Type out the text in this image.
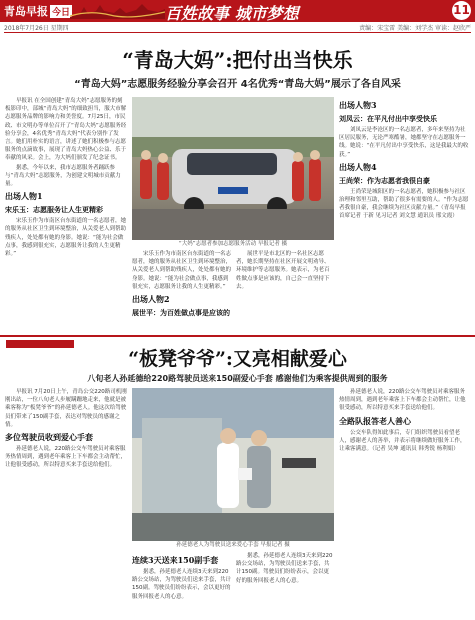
青岛早报 今日	百姓故事 城市梦想	11
2018年7月26日 星期四	责编：宋宝雷 美编：刘学杰 审读：赵欣严
“青岛大妈”:把付出当快乐
“青岛大妈”志愿服务经验分享会召开 4名优秀“青岛大妈”展示了各自风采

早报讯 在全国创建“青岛大妈”志愿服务的刻板影印中，部城“青岛大妈”的细致担当，服大市解志愿服务品牌的影响力和美誉度。7月25日，市民政、市文明办等单位召开了“青岛大妈”志愿服务经验分享会，4名优秀“青岛大妈”代表分别作了发言。她们用朴实的语言，讲述了她们积极参与志愿服务的点滴故事，展现了青岛大妈热心公益、乐于奉献的风采。会上，为大妈们颁发了纪念证书。

据悉，今年以来，我市志愿服务者踊跃参与“青岛大妈”志愿服务，为创建文明城市贡献力量。

出场人物1
宋乐玉：志愿服务让人生更精彩

宋乐玉作为市南区台东街道的一名志愿者，她的服务从社区卫生到环境整治，从关爱老人到帮助残疾人，处处都有她的身影。她说：“能为社会做点事，我感到很充实，志愿服务让我的人生更精彩。”

“大妈”志愿者参加志愿服务活动 早报记者 摄

宋乐玉作为市南区台东街道的一名志愿者，她的服务从社区卫生到环境整治，从关爱老人到帮助残疾人，处处都有她的身影。她说：“能为社会做点事，我感到很充实，志愿服务让我的人生更精彩。”

出场人物2
展世平：为百姓做点事是应该的

展世平是市北区的一名社区志愿者，她长期坚持在社区开展文明劝导、环境维护等志愿服务。她表示，为老百姓做点事是应该的，自己会一直坚持下去。

出场人物3
刘凤云：在平凡付出中享受快乐

刘凤云是李沧区的一名志愿者，多年来坚持为社区居民服务，无论严寒酷暑，她都坚守在志愿服务一线。她说：“在平凡付出中享受快乐，这是我最大的收获。”

出场人物4
王尚荣：作为志愿者我很自豪

王尚荣是城阳区的一名志愿者，她积极参与社区治理和邻里互助，帮助了很多有需要的人。“作为志愿者我很自豪，我会继续为社区贡献力量。”（青岛早报 首席记者 于新 见习记者 刘文慧 通讯员 邢文霞）

“板凳爷爷”:又亮相献爱心
八旬老人孙延德给220路驾驶员送来150副爱心手套 感谢他们为乘客提供周到的服务

早报讯 7月20日上午，青岛公交220路司机刚刚出站，一位八旬老人步履蹒跚地走来，他就是被乘客称为“板凳爷爷”的孙延德老人。他这次给驾驶员们带来了150副手套，表达对驾驶员的感谢之情。

多位驾驶员收到爱心手套

孙延德老人说，220路公交车驾驶员对乘客服务热情周到，遇到老年乘客上下车都会主动帮忙，让他很受感动，所以特意买来手套送给他们。

孙延德老人为驾驶员送来爱心手套 早报记者 摄
连续3天送来150副手套

据悉，孙延德老人连续3天来到220路公交场站，为驾驶员们送来手套，共计150副。驾驶员们纷纷表示，会以更好的服务回报老人的心意。

据悉，孙延德老人连续3天来到220路公交场站，为驾驶员们送来手套，共计150副。驾驶员们纷纷表示，会以更好的服务回报老人的心意。

孙延德老人说，220路公交车驾驶员对乘客服务热情周到，遇到老年乘客上下车都会主动帮忙，让他很受感动，所以特意买来手套送给他们。

全路队报答老人善心

公交车队得知此事后，专门组织驾驶员看望老人，感谢老人的善举，并表示将继续做好服务工作，让乘客满意。（记者 吴坤 通讯员 韩秀锐 杨利娟）
